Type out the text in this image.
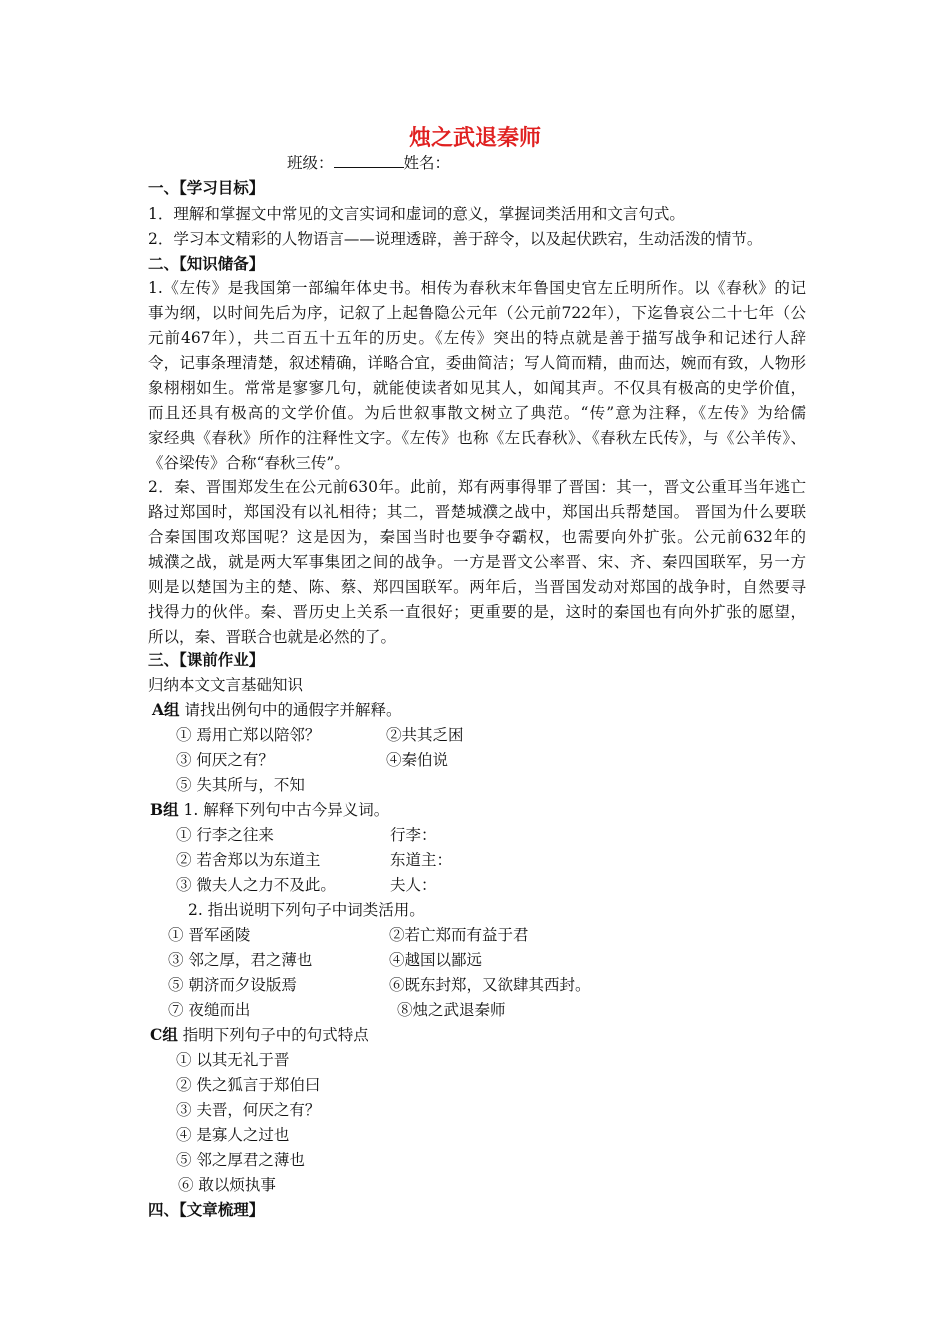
烛之武退秦师
班级：	姓名：
一、【学习目标】
1．理解和掌握文中常见的文言实词和虚词的意义，掌握词类活用和文言句式。
2．学习本文精彩的人物语言——说理透辟，善于辞令，以及起伏跌宕，生动活泼的情节。
二、【知识储备】
1.《左传》是我国第一部编年体史书。相传为春秋末年鲁国史官左丘明所作。以《春秋》的记
事为纲，以时间先后为序，记叙了上起鲁隐公元年（公元前722年），下迄鲁哀公二十七年（公
元前467年），共二百五十五年的历史。《左传》突出的特点就是善于描写战争和记述行人辞
令，记事条理清楚，叙述精确，详略合宜，委曲简洁；写人简而精，曲而达，婉而有致，人物形
象栩栩如生。常常是寥寥几句，就能使读者如见其人，如闻其声。不仅具有极高的史学价值，
而且还具有极高的文学价值。为后世叙事散文树立了典范。“传”意为注释，《左传》为给儒
家经典《春秋》所作的注释性文字。《左传》也称《左氏春秋》、《春秋左氏传》，与《公羊传》、
《谷梁传》合称“春秋三传”。
2．秦、晋围郑发生在公元前630年。此前，郑有两事得罪了晋国：其一，晋文公重耳当年逃亡
路过郑国时，郑国没有以礼相待；其二，晋楚城濮之战中，郑国出兵帮楚国。 晋国为什么要联
合秦国围攻郑国呢？这是因为，秦国当时也要争夺霸权，也需要向外扩张。公元前632年的
城濮之战，就是两大军事集团之间的战争。一方是晋文公率晋、宋、齐、秦四国联军，另一方
则是以楚国为主的楚、陈、蔡、郑四国联军。两年后，当晋国发动对郑国的战争时，自然要寻
找得力的伙伴。秦、晋历史上关系一直很好；更重要的是，这时的秦国也有向外扩张的愿望，
所以，秦、晋联合也就是必然的了。
三、【课前作业】
归纳本文文言基础知识
A组 请找出例句中的通假字并解释。
① 焉用亡郑以陪邻？	②共其乏困
③ 何厌之有？	④秦伯说
⑤ 失其所与，不知
B组 1. 解释下列句中古今异义词。
① 行李之往来	行李：
② 若舍郑以为东道主	东道主：
③ 微夫人之力不及此。	夫人：
2. 指出说明下列句子中词类活用。
① 晋军函陵	②若亡郑而有益于君
③ 邻之厚，君之薄也	④越国以鄙远
⑤ 朝济而夕设版焉	⑥既东封郑，又欲肆其西封。
⑦ 夜缒而出	⑧烛之武退秦师
C组 指明下列句子中的句式特点
① 以其无礼于晋
② 佚之狐言于郑伯曰
③ 夫晋，何厌之有？
④ 是寡人之过也
⑤ 邻之厚君之薄也
⑥ 敢以烦执事
四、【文章梳理】
